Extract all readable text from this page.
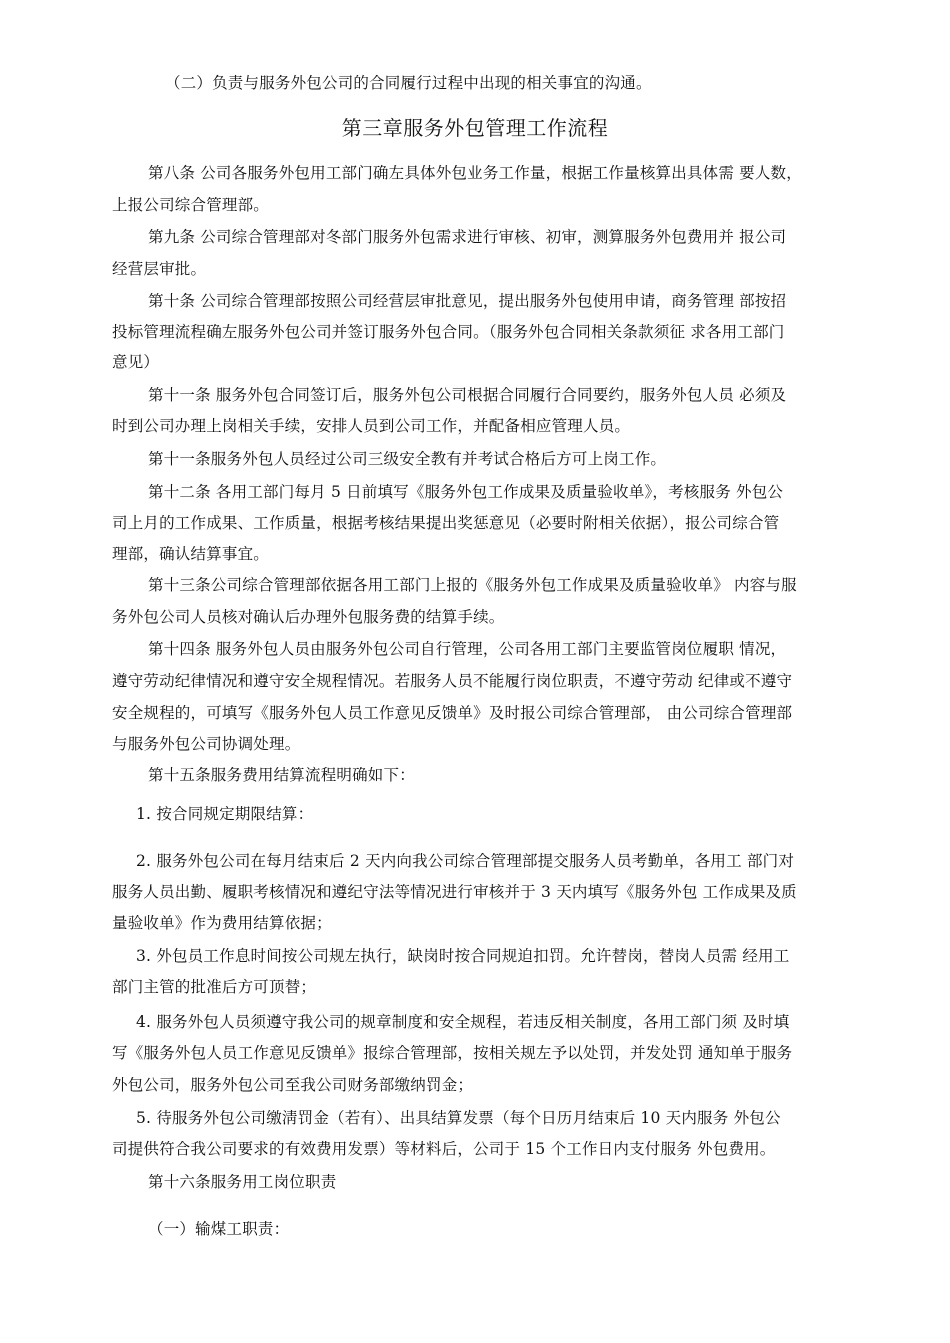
（二）负责与服务外包公司的合同履行过程中出现的相关事宜的沟通。
第三章服务外包管理工作流程
第八条 公司各服务外包用工部门确左具体外包业务工作量，根据工作量核算出具体需 要人数，
上报公司综合管理部。
第九条 公司综合管理部对冬部门服务外包需求进行审核、初审，测算服务外包费用并 报公司
经营层审批。
第十条 公司综合管理部按照公司经营层审批意见，提出服务外包使用申请，商务管理 部按招
投标管理流程确左服务外包公司并签订服务外包合同。（服务外包合同相关条款须征 求各用工部门
意见）
第十一条 服务外包合同签订后，服务外包公司根据合同履行合同要约，服务外包人员 必须及
时到公司办理上岗相关手续，安排人员到公司工作，并配备相应管理人员。
第十一条服务外包人员经过公司三级安全教有并考试合格后方可上岗工作。
第十二条 各用工部门每月 5 日前填写《服务外包工作成果及质量验收单》，考核服务 外包公
司上月的工作成果、工作质量，根据考核结果提出奖惩意见（必要时附相关依据），报公司综合管
理部，确认结算事宜。
第十三条公司综合管理部依据各用工部门上报的《服务外包工作成果及质量验收单》 内容与服
务外包公司人员核对确认后办理外包服务费的结算手续。
第十四条 服务外包人员由服务外包公司自行管理，公司各用工部门主要监管岗位履职 情况，
遵守劳动纪律情况和遵守安全规程情况。若服务人员不能履行岗位职责，不遵守劳动 纪律或不遵守
安全规程的，可填写《服务外包人员工作意见反馈单》及时报公司综合管理部， 由公司综合管理部
与服务外包公司协调处理。
第十五条服务费用结算流程明确如下：
1. 按合同规定期限结算：
2. 服务外包公司在每月结束后 2 天内向我公司综合管理部提交服务人员考勤单，各用工 部门对
服务人员出勤、履职考核情况和遵纪守法等情况进行审核并于 3 天内填写《服务外包 工作成果及质
量验收单》作为费用结算依据；
3. 外包员工作息时间按公司规左执行，缺岗时按合同规迫扣罚。允许替岗，替岗人员需 经用工
部门主管的批准后方可顶替；
4. 服务外包人员须遵守我公司的规章制度和安全规程，若违反相关制度，各用工部门须 及时填
写《服务外包人员工作意见反馈单》报综合管理部，按相关规左予以处罚，并发处罚 通知单于服务
外包公司，服务外包公司至我公司财务部缴纳罚金；
5. 待服务外包公司缴淸罚金（若有）、出具结算发票（每个日历月结束后 10 天内服务 外包公
司提供符合我公司要求的有效费用发票）等材料后，公司于 15 个工作日内支付服务 外包费用。
第十六条服务用工岗位职责
（一）输煤工职责：
